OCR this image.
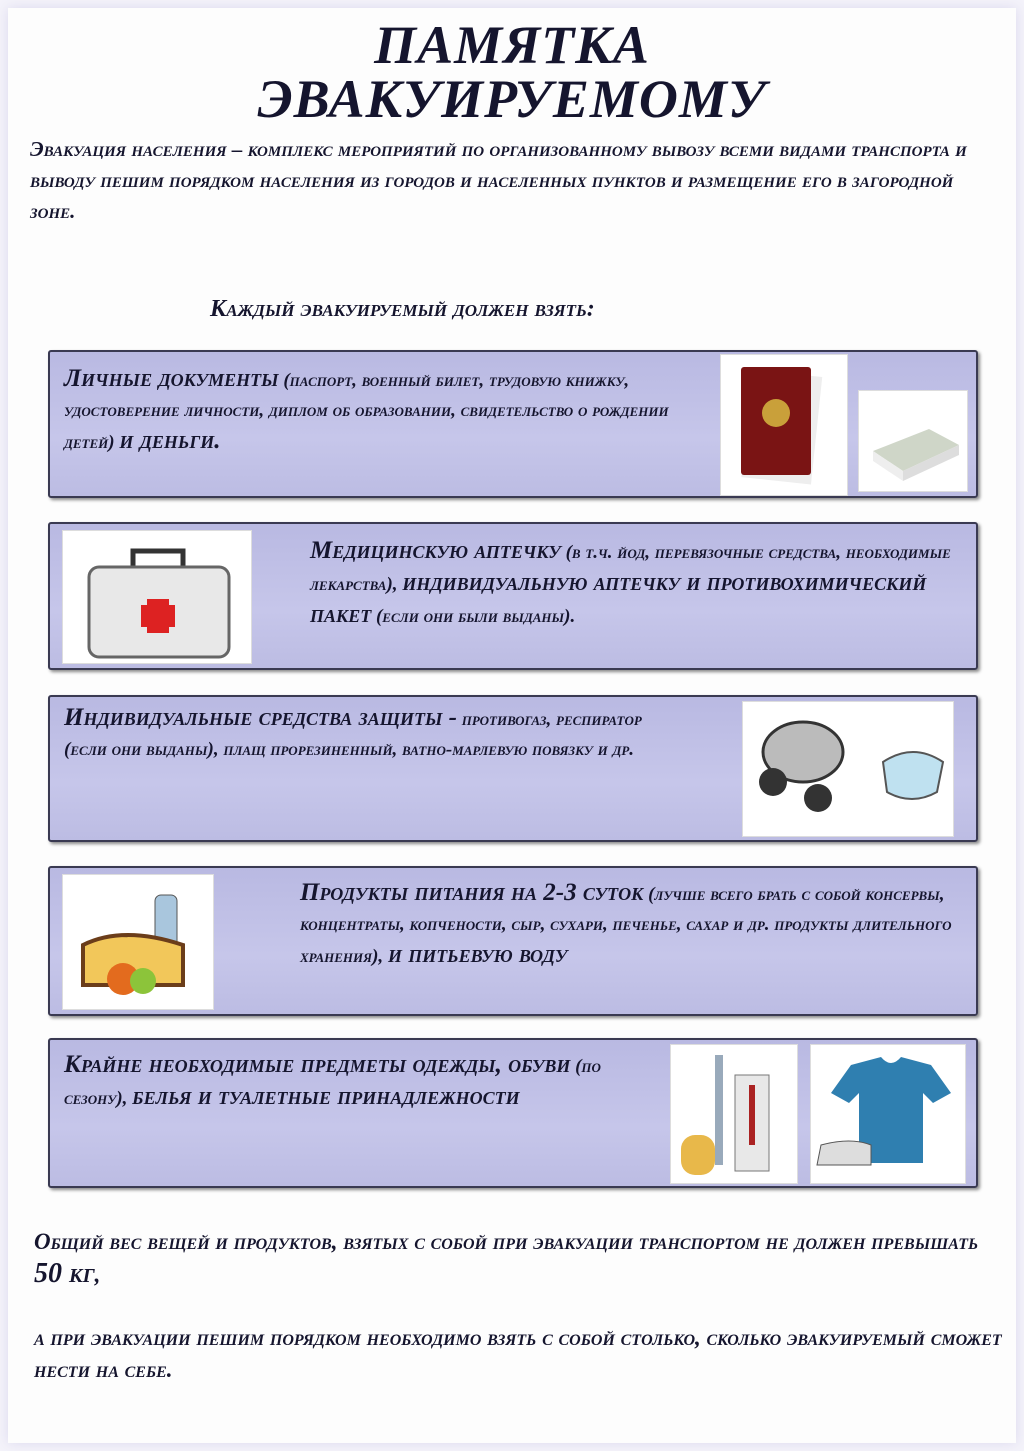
ПАМЯТКА
ЭВАКУИРУЕМОМУ
Эвакуация населения – комплекс мероприятий по организованному вывозу всеми видами транспорта и выводу пешим порядком населения из городов и населенных пунктов и размещение его в загородной зоне.
Каждый эвакуируемый должен взять:
Личные документы (паспорт, военный билет, трудовую книжку, удостоверение личности, диплом об образовании, свидетельство о рождении детей) и деньги.
Медицинскую аптечку (в т.ч. йод, перевязочные средства, необходимые лекарства), индивидуальную аптечку и противохимический пакет (если они были выданы).
Индивидуальные средства защиты - противогаз, респиратор (если они выданы), плащ прорезиненный, ватно-марлевую повязку и др.
Продукты питания на 2-3 суток (лучше всего брать с собой консервы, концентраты, копчености, сыр, сухари, печенье, сахар и др. продукты длительного хранения), и питьевую воду
Крайне необходимые предметы одежды, обуви (по сезону), белья и туалетные принадлежности
Общий вес вещей и продуктов, взятых с собой при эвакуации транспортом не должен превышать 50 кг,
а при эвакуации пешим порядком необходимо взять с собой столько, сколько эвакуируемый сможет нести на себе.
